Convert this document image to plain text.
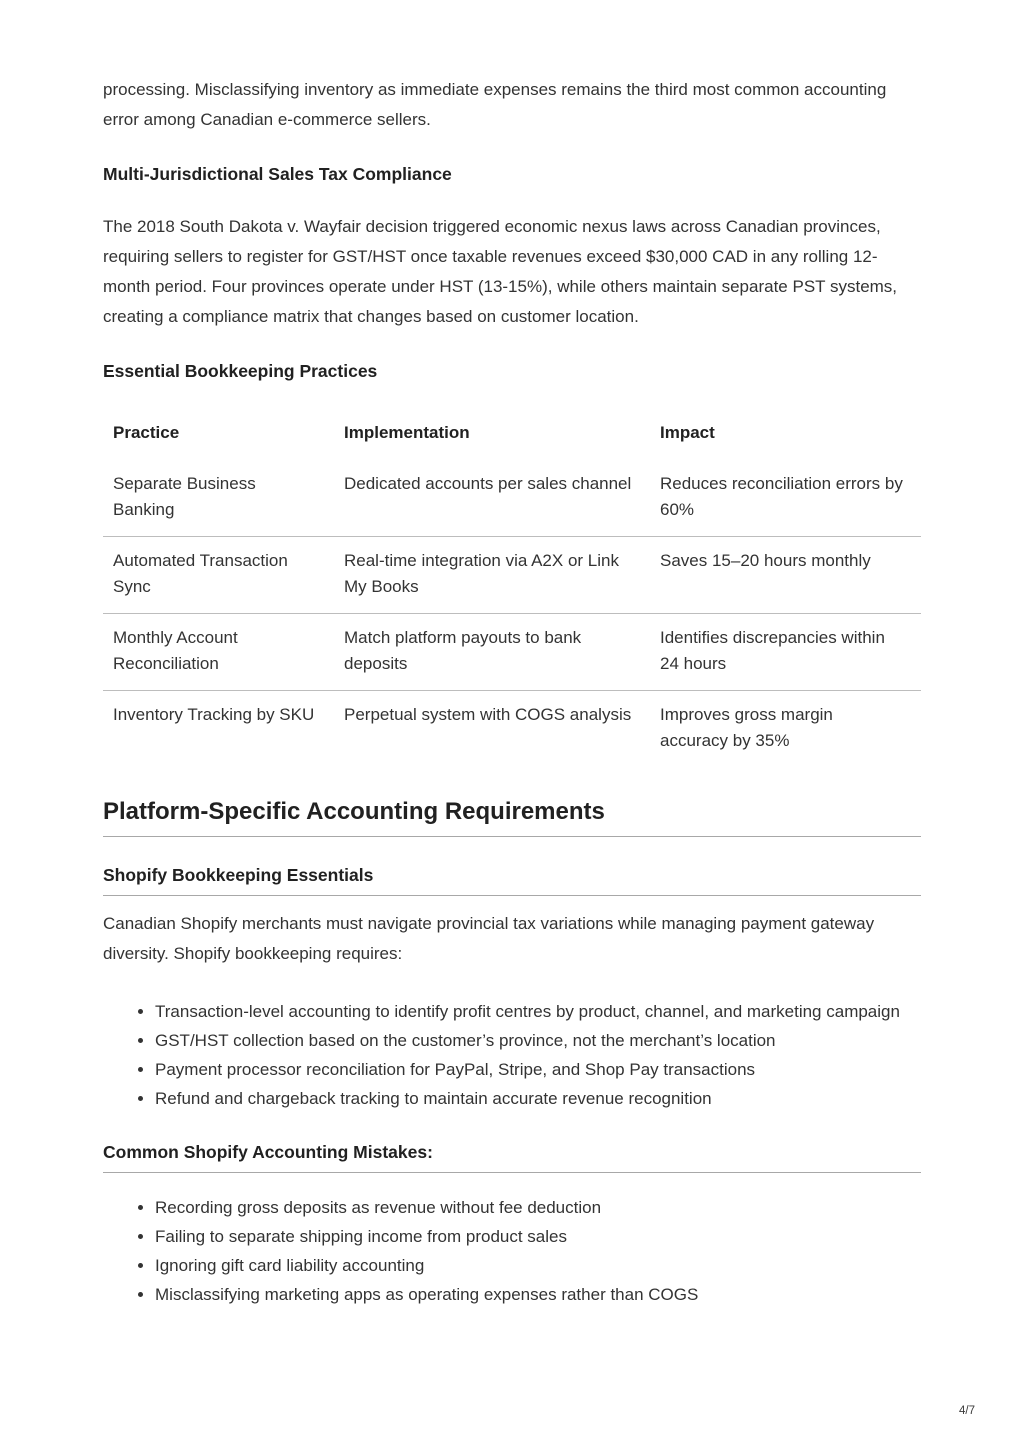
processing. Misclassifying inventory as immediate expenses remains the third most common accounting error among Canadian e-commerce sellers.

Multi-Jurisdictional Sales Tax Compliance

The 2018 South Dakota v. Wayfair decision triggered economic nexus laws across Canadian provinces, requiring sellers to register for GST/HST once taxable revenues exceed $30,000 CAD in any rolling 12-month period. Four provinces operate under HST (13-15%), while others maintain separate PST systems, creating a compliance matrix that changes based on customer location.

Essential Bookkeeping Practices
Practice	Implementation	Impact
Separate Business Banking	Dedicated accounts per sales channel	Reduces reconciliation errors by 60%
Automated Transaction Sync	Real-time integration via A2X or Link My Books	Saves 15–20 hours monthly
Monthly Account Reconciliation	Match platform payouts to bank deposits	Identifies discrepancies within 24 hours
Inventory Tracking by SKU	Perpetual system with COGS analysis	Improves gross margin accuracy by 35%
Platform-Specific Accounting Requirements
Shopify Bookkeeping Essentials

Canadian Shopify merchants must navigate provincial tax variations while managing payment gateway diversity. Shopify bookkeeping requires:

• Transaction-level accounting to identify profit centres by product, channel, and marketing campaign
• GST/HST collection based on the customer’s province, not the merchant’s location
• Payment processor reconciliation for PayPal, Stripe, and Shop Pay transactions
• Refund and chargeback tracking to maintain accurate revenue recognition
Common Shopify Accounting Mistakes:
• Recording gross deposits as revenue without fee deduction
• Failing to separate shipping income from product sales
• Ignoring gift card liability accounting
• Misclassifying marketing apps as operating expenses rather than COGS
4/7
